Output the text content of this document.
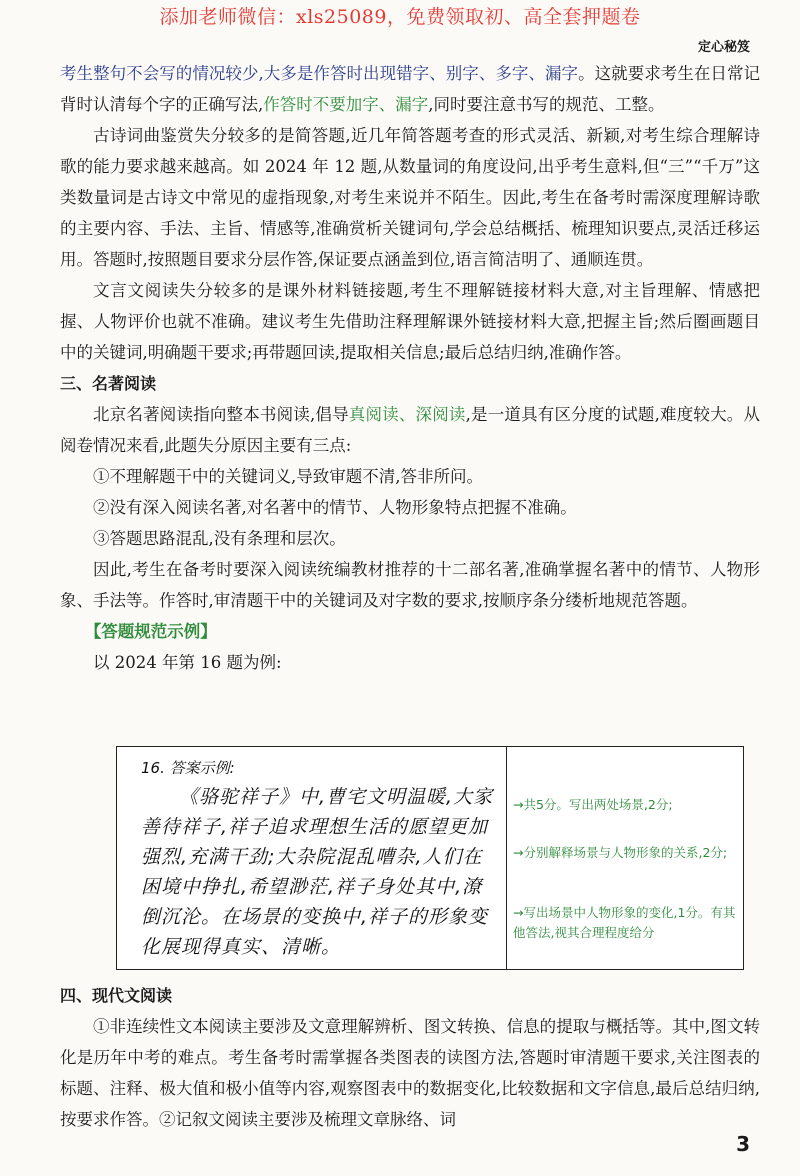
添加老师微信：xls25089，免费领取初、高全套押题卷
定心秘笈

考生整句不会写的情况较少,大多是作答时出现错字、别字、多字、漏字。这就要求考生在日常记背时认清每个字的正确写法,作答时不要加字、漏字,同时要注意书写的规范、工整。

古诗词曲鉴赏失分较多的是简答题,近几年简答题考查的形式灵活、新颖,对考生综合理解诗歌的能力要求越来越高。如 2024 年 12 题,从数量词的角度设问,出乎考生意料,但“三”“千万”这类数量词是古诗文中常见的虚指现象,对考生来说并不陌生。因此,考生在备考时需深度理解诗歌的主要内容、手法、主旨、情感等,准确赏析关键词句,学会总结概括、梳理知识要点,灵活迁移运用。答题时,按照题目要求分层作答,保证要点涵盖到位,语言简洁明了、通顺连贯。

文言文阅读失分较多的是课外材料链接题,考生不理解链接材料大意,对主旨理解、情感把握、人物评价也就不准确。建议考生先借助注释理解课外链接材料大意,把握主旨;然后圈画题目中的关键词,明确题干要求;再带题回读,提取相关信息;最后总结归纳,准确作答。

三、名著阅读

北京名著阅读指向整本书阅读,倡导真阅读、深阅读,是一道具有区分度的试题,难度较大。从阅卷情况来看,此题失分原因主要有三点:

①不理解题干中的关键词义,导致审题不清,答非所问。

②没有深入阅读名著,对名著中的情节、人物形象特点把握不准确。

③答题思路混乱,没有条理和层次。

因此,考生在备考时要深入阅读统编教材推荐的十二部名著,准确掌握名著中的情节、人物形象、手法等。作答时,审清题干中的关键词及对字数的要求,按顺序条分缕析地规范答题。

【答题规范示例】

以 2024 年第 16 题为例:

16. 答案示例:
《骆驼祥子》中,曹宅文明温暖,大家善待祥子,祥子追求理想生活的愿望更加强烈,充满干劲;大杂院混乱嘈杂,人们在困境中挣扎,希望渺茫,祥子身处其中,潦倒沉沦。在场景的变换中,祥子的形象变化展现得真实、清晰。
→共5分。写出两处场景,2分;
→分别解释场景与人物形象的关系,2分;
→写出场景中人物形象的变化,1分。有其他答法,视其合理程度给分

四、现代文阅读

①非连续性文本阅读主要涉及文意理解辨析、图文转换、信息的提取与概括等。其中,图文转化是历年中考的难点。考生备考时需掌握各类图表的读图方法,答题时审清题干要求,关注图表的标题、注释、极大值和极小值等内容,观察图表中的数据变化,比较数据和文字信息,最后总结归纳,按要求作答。②记叙文阅读主要涉及梳理文章脉络、词

3
